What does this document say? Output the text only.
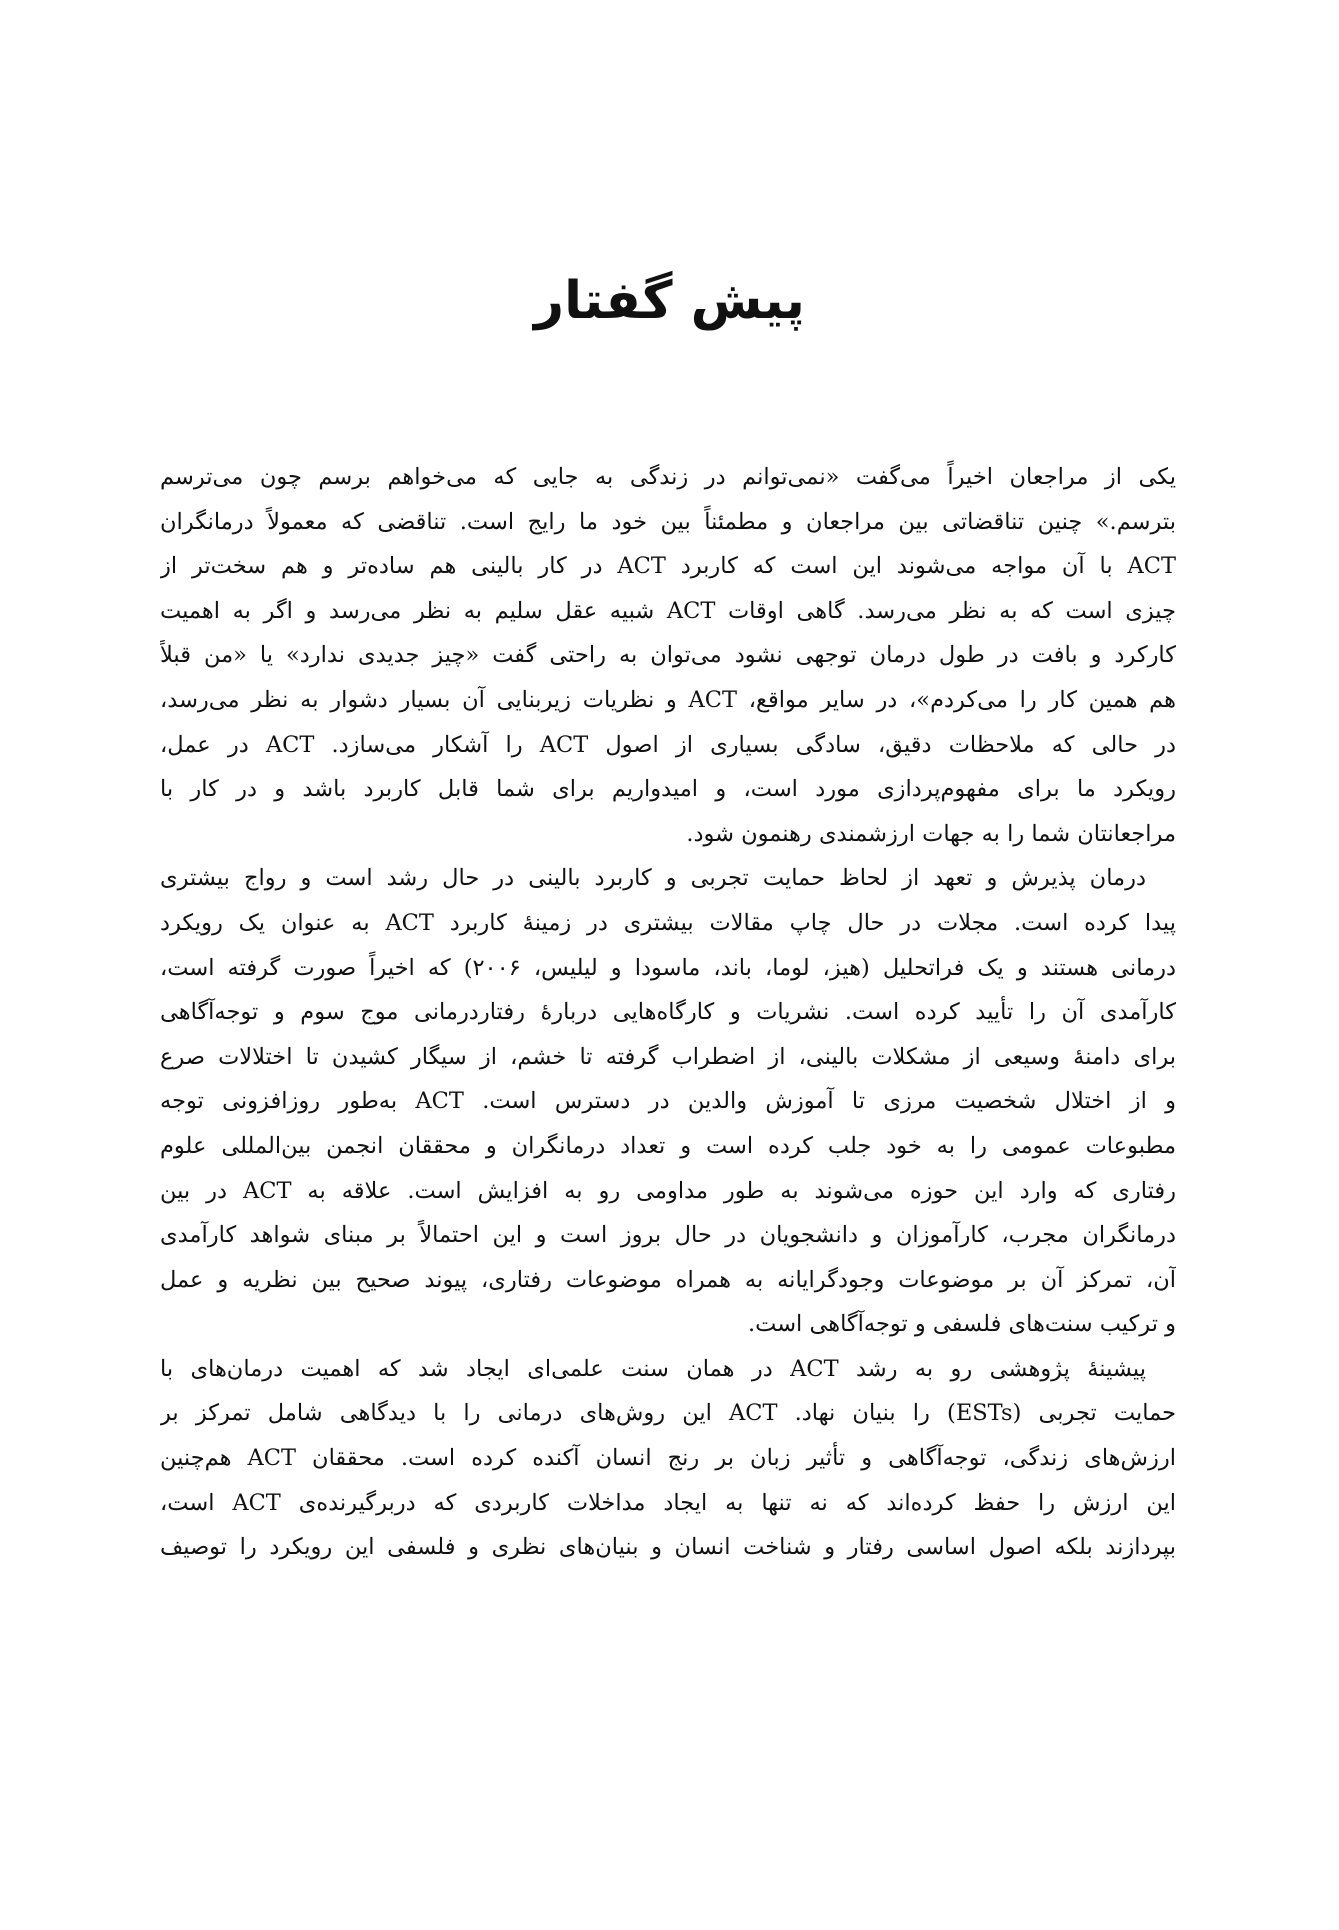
پیش گفتار

یکی از مراجعان اخیراً می‌گفت «نمی‌توانم در زندگی به جایی که می‌خواهم برسم چون می‌ترسم
بترسم.» چنین تناقضاتی بین مراجعان و مطمئناً بین خود ما رایج است. تناقضی که معمولاً درمانگران
ACT با آن مواجه می‌شوند این است که کاربرد ACT در کار بالینی هم ساده‌تر و هم سخت‌تر از
چیزی است که به نظر می‌رسد. گاهی اوقات ACT شبیه عقل سلیم به نظر می‌رسد و اگر به اهمیت
کارکرد و بافت در طول درمان توجهی نشود می‌توان به راحتی گفت «چیز جدیدی ندارد» یا «من قبلاً
هم همین کار را می‌کردم»، در سایر مواقع، ACT و نظریات زیربنایی آن بسیار دشوار به نظر می‌رسد،
در حالی که ملاحظات دقیق، سادگی بسیاری از اصول ACT را آشکار می‌سازد. ACT در عمل،
رویکرد ما برای مفهوم‌پردازی مورد است، و امیدواریم برای شما قابل کاربرد باشد و در کار با
مراجعانتان شما را به جهات ارزشمندی رهنمون شود.

درمان پذیرش و تعهد از لحاظ حمایت تجربی و کاربرد بالینی در حال رشد است و رواج بیشتری
پیدا کرده است. مجلات در حال چاپ مقالات بیشتری در زمینهٔ کاربرد ACT به عنوان یک رویکرد
درمانی هستند و یک فراتحلیل (هیز، لوما، باند، ماسودا و لیلیس، ۲۰۰۶) که اخیراً صورت گرفته است،
کارآمدی آن را تأیید کرده است. نشریات و کارگاه‌هایی دربارهٔ رفتاردرمانی موج سوم و توجه‌آگاهی
برای دامنهٔ وسیعی از مشکلات بالینی، از اضطراب گرفته تا خشم، از سیگار کشیدن تا اختلالات صرع
و از اختلال شخصیت مرزی تا آموزش والدین در دسترس است. ACT به‌طور روزافزونی توجه
مطبوعات عمومی را به خود جلب کرده است و تعداد درمانگران و محققان انجمن بین‌المللی علوم
رفتاری که وارد این حوزه می‌شوند به طور مداومی رو به افزایش است. علاقه به ACT در بین
درمانگران مجرب، کارآموزان و دانشجویان در حال بروز است و این احتمالاً بر مبنای شواهد کارآمدی
آن، تمرکز آن بر موضوعات وجودگرایانه به همراه موضوعات رفتاری، پیوند صحیح بین نظریه و عمل
و ترکیب سنت‌های فلسفی و توجه‌آگاهی است.

پیشینهٔ پژوهشی رو به رشد ACT در همان سنت علمی‌ای ایجاد شد که اهمیت درمان‌های با
حمایت تجربی (ESTs) را بنیان نهاد. ACT این روش‌های درمانی را با دیدگاهی شامل تمرکز بر
ارزش‌های زندگی، توجه‌آگاهی و تأثیر زبان بر رنج انسان آکنده کرده است. محققان ACT هم‌چنین
این ارزش را حفظ کرده‌اند که نه تنها به ایجاد مداخلات کاربردی که دربرگیرنده‌ی ACT است،
بپردازند بلکه اصول اساسی رفتار و شناخت انسان و بنیان‌های نظری و فلسفی این رویکرد را توصیف
